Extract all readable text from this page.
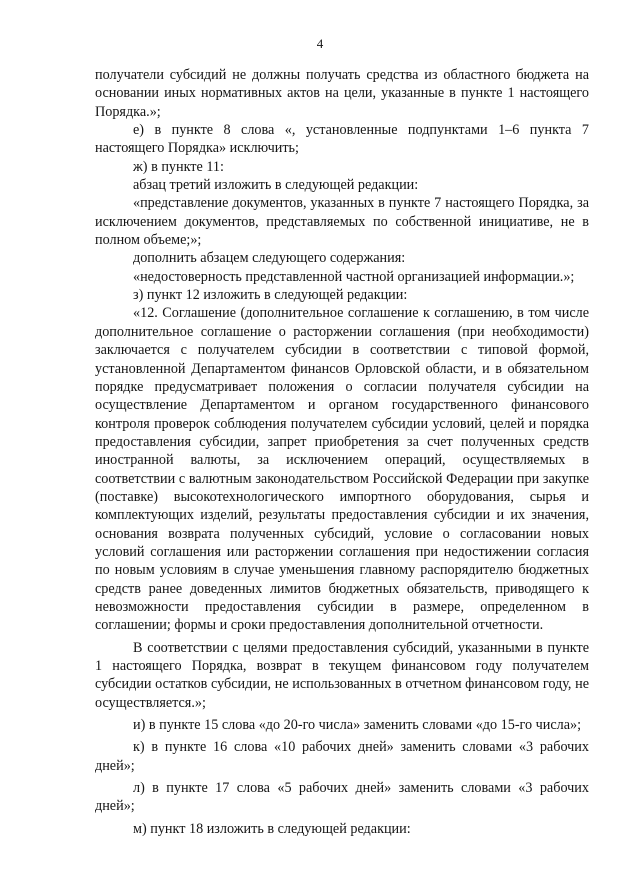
4

получатели субсидий не должны получать средства из областного бюджета на основании иных нормативных актов на цели, указанные в пункте 1 настоящего Порядка.»;

е) в пункте 8 слова «, установленные подпунктами 1–6 пункта 7 настоящего Порядка» исключить;

ж) в пункте 11:

абзац третий изложить в следующей редакции:

«представление документов, указанных в пункте 7 настоящего Порядка, за исключением документов, представляемых по собственной инициативе, не в полном объеме;»;

дополнить абзацем следующего содержания:

«недостоверность представленной частной организацией информации.»;

з) пункт 12 изложить в следующей редакции:

«12. Соглашение (дополнительное соглашение к соглашению, в том числе дополнительное соглашение о расторжении соглашения (при необходимости) заключается с получателем субсидии в соответствии с типовой формой, установленной Департаментом финансов Орловской области, и в обязательном порядке предусматривает положения о согласии получателя субсидии на осуществление Департаментом и органом государственного финансового контроля проверок соблюдения получателем субсидии условий, целей и порядка предоставления субсидии, запрет приобретения за счет полученных средств иностранной валюты, за исключением операций, осуществляемых в соответствии с валютным законодательством Российской Федерации при закупке (поставке) высокотехнологического импортного оборудования, сырья и комплектующих изделий, результаты предоставления субсидии и их значения, основания возврата полученных субсидий, условие о согласовании новых условий соглашения или расторжении соглашения при недостижении согласия по новым условиям в случае уменьшения главному распорядителю бюджетных средств ранее доведенных лимитов бюджетных обязательств, приводящего к невозможности предоставления субсидии в размере, определенном в соглашении; формы и сроки предоставления дополнительной отчетности.

В соответствии с целями предоставления субсидий, указанными в пункте 1 настоящего Порядка, возврат в текущем финансовом году получателем субсидии остатков субсидии, не использованных в отчетном финансовом году, не осуществляется.»;

и) в пункте 15 слова «до 20-го числа» заменить словами «до 15-го числа»;

к) в пункте 16 слова «10 рабочих дней» заменить словами «3 рабочих дней»;

л) в пункте 17 слова «5 рабочих дней» заменить словами «3 рабочих дней»;

м) пункт 18 изложить в следующей редакции:
